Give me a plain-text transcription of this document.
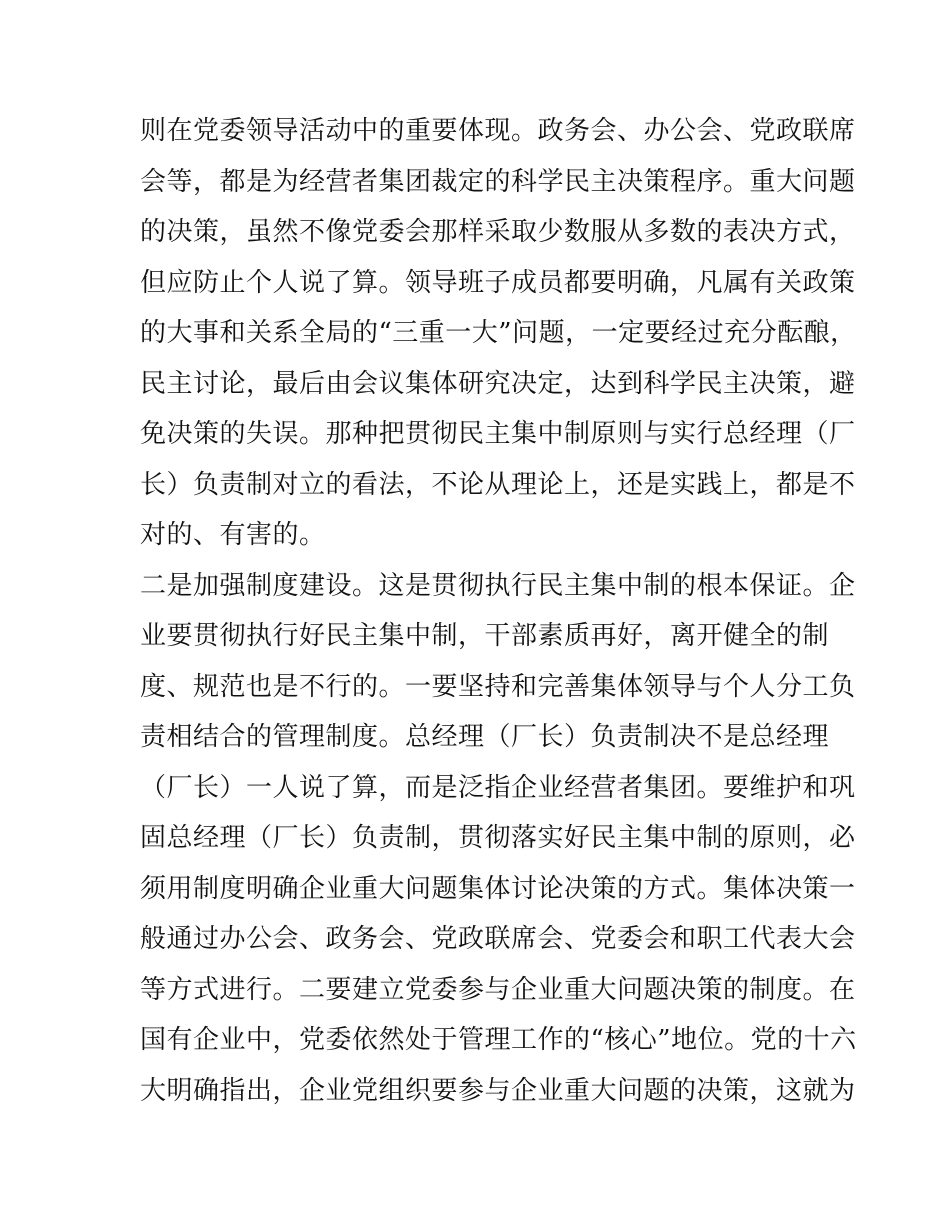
则在党委领导活动中的重要体现。政务会、办公会、党政联席
会等，都是为经营者集团裁定的科学民主决策程序。重大问题
的决策，虽然不像党委会那样采取少数服从多数的表决方式，
但应防止个人说了算。领导班子成员都要明确，凡属有关政策
的大事和关系全局的“三重一大”问题，一定要经过充分酝酿，
民主讨论，最后由会议集体研究决定，达到科学民主决策，避
免决策的失误。那种把贯彻民主集中制原则与实行总经理（厂
长）负责制对立的看法，不论从理论上，还是实践上，都是不
对的、有害的。
二是加强制度建设。这是贯彻执行民主集中制的根本保证。企
业要贯彻执行好民主集中制，干部素质再好，离开健全的制
度、规范也是不行的。一要坚持和完善集体领导与个人分工负
责相结合的管理制度。总经理（厂长）负责制决不是总经理
（厂长）一人说了算，而是泛指企业经营者集团。要维护和巩
固总经理（厂长）负责制，贯彻落实好民主集中制的原则，必
须用制度明确企业重大问题集体讨论决策的方式。集体决策一
般通过办公会、政务会、党政联席会、党委会和职工代表大会
等方式进行。二要建立党委参与企业重大问题决策的制度。在
国有企业中，党委依然处于管理工作的“核心”地位。党的十六
大明确指出，企业党组织要参与企业重大问题的决策，这就为
